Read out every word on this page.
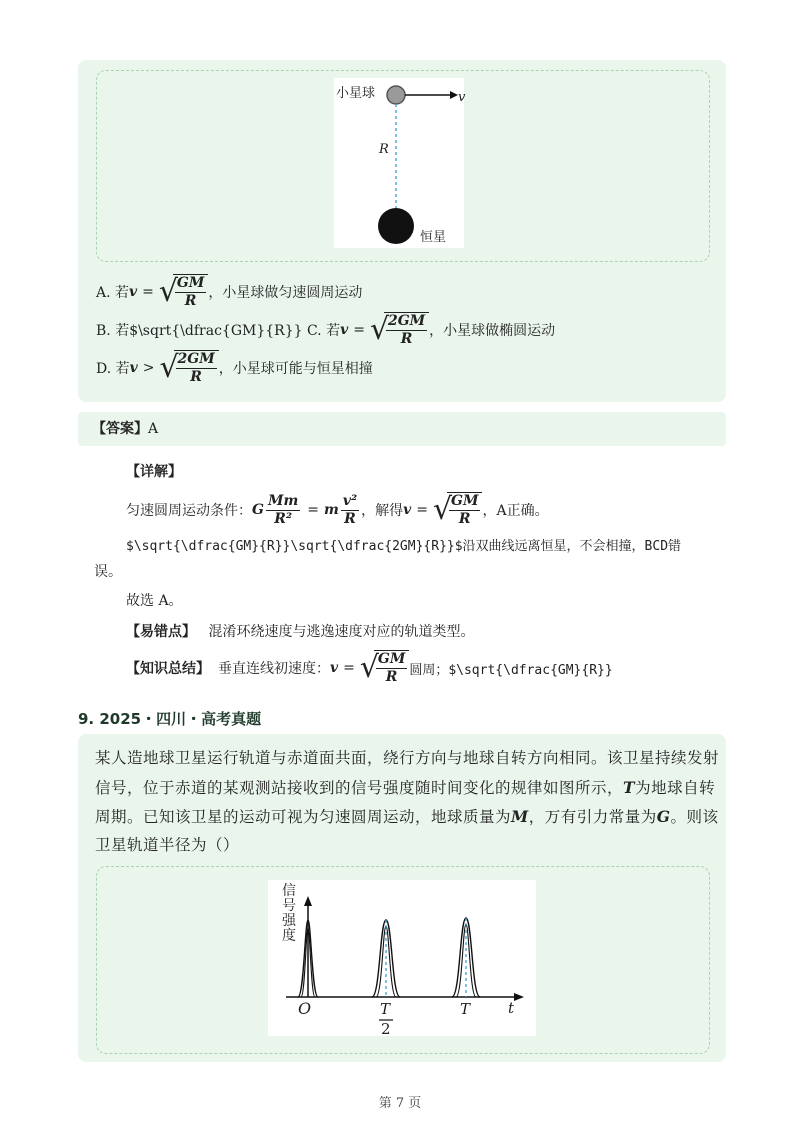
小星球	v
R
恒星
A. 若 v = √
$\frac{GM}{R}$ ，小星球做匀速圆周运动
B. 若$\sqrt{\dfrac{GM}{R}} C. 若 v = √
$\frac{2GM}{R}$ ，小星球做椭圆运动
D. 若 v > √
$\frac{2GM}{R}$ ，小星球可能与恒星相撞
【答案】A
【详解】
匀速圆周运动条件： G $\frac{Mm}{\text{R²}} = m \frac{\text{v²}}{R}$ ，解得 v = √
$\frac{GM}{R}$ ，A正确。
$\sqrt{\dfrac{GM}{R}}\sqrt{\dfrac{2GM}{R}}$沿双曲线远离恒星，不会相撞，BCD错
误。
故选 A。
【易错点】 混淆环绕速度与逃逸速度对应的轨道类型。
【知识总结】 垂直连线初速度： v = √
$\frac{GM}{R}$ 圆周；$\sqrt{\dfrac{GM}{R}}
9. 2025・四川・高考真题
某人造地球卫星运行轨道与赤道面共面，绕行方向与地球自转方向相同。该卫星持续发射
信号，位于赤道的某观测站接收到的信号强度随时间变化的规律如图所示，T为地球自转
周期。已知该卫星的运动可视为匀速圆周运动，地球质量为M，万有引力常量为G。则该
卫星轨道半径为（）
信号强度
O	T
2
T	t
第 7 页
